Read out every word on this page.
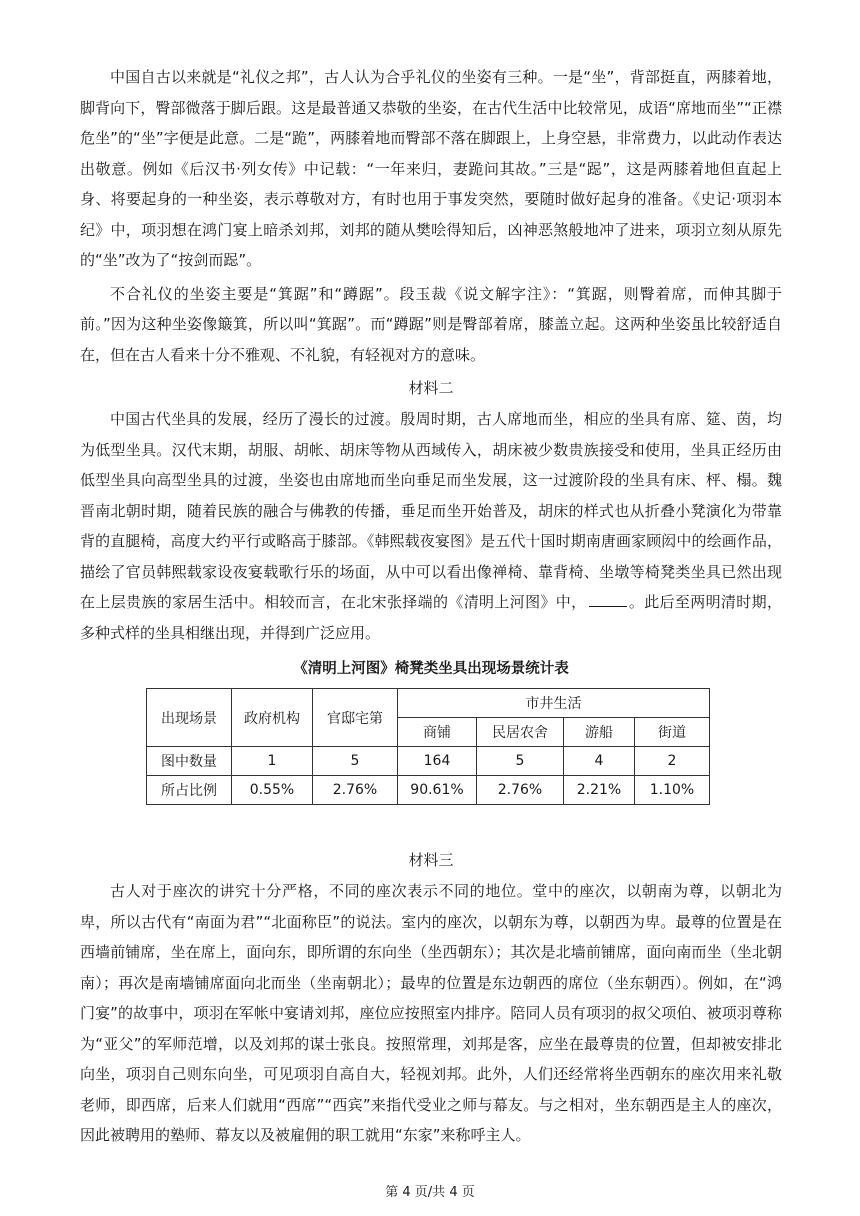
中国自古以来就是“礼仪之邦”，古人认为合乎礼仪的坐姿有三种。一是“坐”，背部挺直，两膝着地，脚背向下，臀部微落于脚后跟。这是最普通又恭敬的坐姿，在古代生活中比较常见，成语“席地而坐”“正襟危坐”的“坐”字便是此意。二是“跪”，两膝着地而臀部不落在脚跟上，上身空悬，非常费力，以此动作表达出敬意。例如《后汉书·列女传》中记载：“一年来归，妻跪问其故。”三是“跽”，这是两膝着地但直起上身、将要起身的一种坐姿，表示尊敬对方，有时也用于事发突然，要随时做好起身的准备。《史记·项羽本纪》中，项羽想在鸿门宴上暗杀刘邦，刘邦的随从樊哙得知后，凶神恶煞般地冲了进来，项羽立刻从原先的“坐”改为了“按剑而跽”。

不合礼仪的坐姿主要是“箕踞”和“蹲踞”。段玉裁《说文解字注》：“箕踞，则臀着席，而伸其脚于前。”因为这种坐姿像簸箕，所以叫“箕踞”。而“蹲踞”则是臀部着席，膝盖立起。这两种坐姿虽比较舒适自在，但在古人看来十分不雅观、不礼貌，有轻视对方的意味。

材料二

中国古代坐具的发展，经历了漫长的过渡。殷周时期，古人席地而坐，相应的坐具有席、筵、茵，均为低型坐具。汉代末期，胡服、胡帐、胡床等物从西域传入，胡床被少数贵族接受和使用，坐具正经历由低型坐具向高型坐具的过渡，坐姿也由席地而坐向垂足而坐发展，这一过渡阶段的坐具有床、枰、榻。魏晋南北朝时期，随着民族的融合与佛教的传播，垂足而坐开始普及，胡床的样式也从折叠小凳演化为带靠背的直腿椅，高度大约平行或略高于膝部。《韩熙载夜宴图》是五代十国时期南唐画家顾闳中的绘画作品，描绘了官员韩熙载家设夜宴载歌行乐的场面，从中可以看出像禅椅、靠背椅、坐墩等椅凳类坐具已然出现在上层贵族的家居生活中。相较而言，在北宋张择端的《清明上河图》中，	。此后至两明清时期，多种式样的坐具相继出现，并得到广泛应用。

《清明上河图》椅凳类坐具出现场景统计表
出现场景	政府机构	官邸宅第	市井生活			
			商铺	民居农舍	游船	街道
图中数量	1	5	164	5	4	2
所占比例	0.55%	2.76%	90.61%	2.76%	2.21%	1.10%

材料三

古人对于座次的讲究十分严格，不同的座次表示不同的地位。堂中的座次，以朝南为尊，以朝北为卑，所以古代有“南面为君”“北面称臣”的说法。室内的座次，以朝东为尊，以朝西为卑。最尊的位置是在西墙前铺席，坐在席上，面向东，即所谓的东向坐（坐西朝东）；其次是北墙前铺席，面向南而坐（坐北朝南）；再次是南墙铺席面向北而坐（坐南朝北）；最卑的位置是东边朝西的席位（坐东朝西）。例如，在“鸿门宴”的故事中，项羽在军帐中宴请刘邦，座位应按照室内排序。陪同人员有项羽的叔父项伯、被项羽尊称为“亚父”的军师范增，以及刘邦的谋士张良。按照常理，刘邦是客，应坐在最尊贵的位置，但却被安排北向坐，项羽自己则东向坐，可见项羽自高自大，轻视刘邦。此外，人们还经常将坐西朝东的座次用来礼敬老师，即西席，后来人们就用“西席”“西宾”来指代受业之师与幕友。与之相对，坐东朝西是主人的座次，因此被聘用的塾师、幕友以及被雇佣的职工就用“东家”来称呼主人。

第 4 页/共 4 页
